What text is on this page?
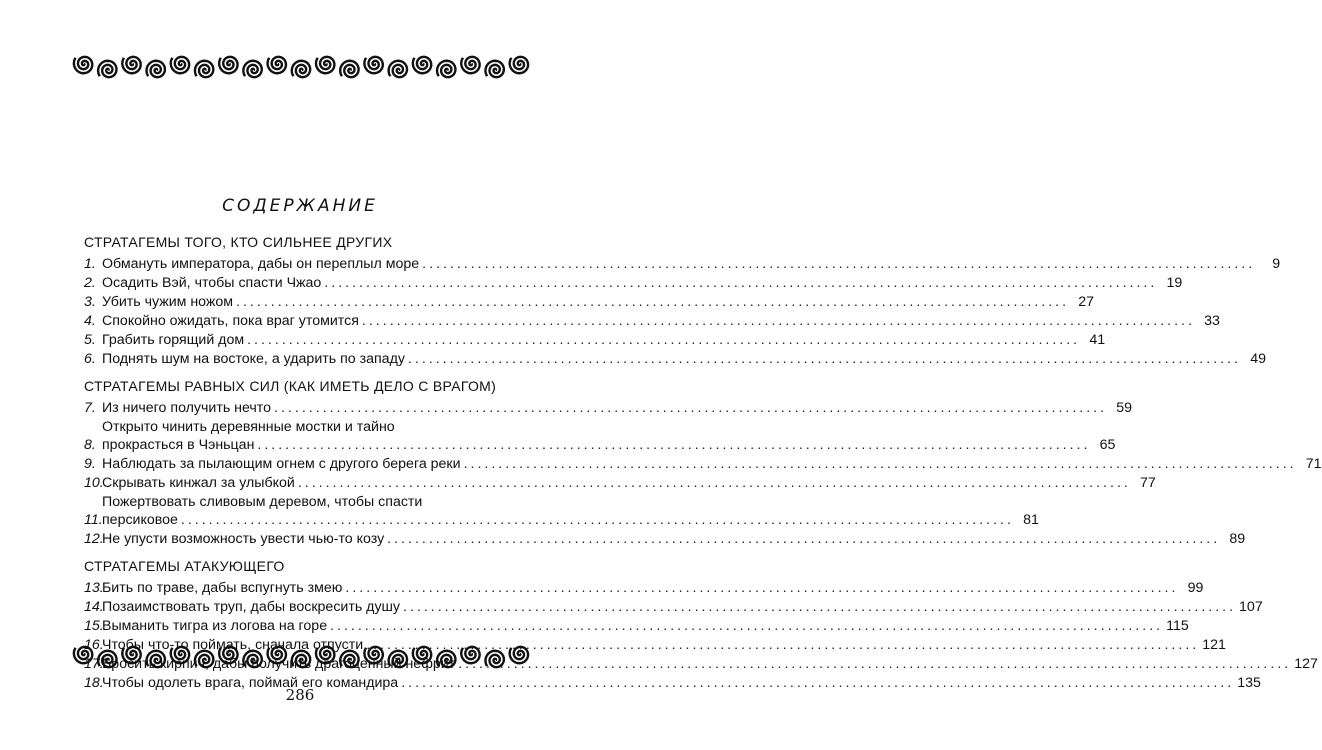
СОДЕРЖАНИЕ
СТРАТАГЕМЫ ТОГО, КТО СИЛЬНЕЕ ДРУГИХ
1. Обмануть императора, дабы он переплыл море ........................................................................................................................	9
2. Осадить Вэй, чтобы спасти Чжао ........................................................................................................................ 19
3. Убить чужим ножом ........................................................................................................................ 27
4. Спокойно ожидать, пока враг утомится ........................................................................................................................ 33
5. Грабить горящий дом ........................................................................................................................ 41
6. Поднять шум на востоке, а ударить по западу ........................................................................................................................ 49
СТРАТАГЕМЫ РАВНЫХ СИЛ (КАК ИМЕТЬ ДЕЛО С ВРАГОМ)
7. Из ничего получить нечто ........................................................................................................................ 59
8.
Открыто чинить деревянные мостки и тайно
прокрасться в Чэньцан ........................................................................................................................ 65
9. Наблюдать за пылающим огнем с другого берега реки ........................................................................................................................ 71
10.
Скрывать кинжал за улыбкой ........................................................................................................................ 77
11.
Пожертвовать сливовым деревом, чтобы спасти
персиковое ........................................................................................................................ 81
12.
Не упусти возможность увести чью-то козу ........................................................................................................................ 89
СТРАТАГЕМЫ АТАКУЮЩЕГО
13.
Бить по траве, дабы вспугнуть змею ........................................................................................................................ 99
14.
Позаимствовать труп, дабы воскресить душу ........................................................................................................................ 107
15.
Выманить тигра из логова на горе ........................................................................................................................ 115
16.
Чтобы что-то поймать, сначала отпусти ........................................................................................................................ 121
17.
Бросить кирпич, дабы получить драгоценный нефрит ........................................................................................................................ 127
18.
Чтобы одолеть врага, поймай его командира ........................................................................................................................ 135
286
